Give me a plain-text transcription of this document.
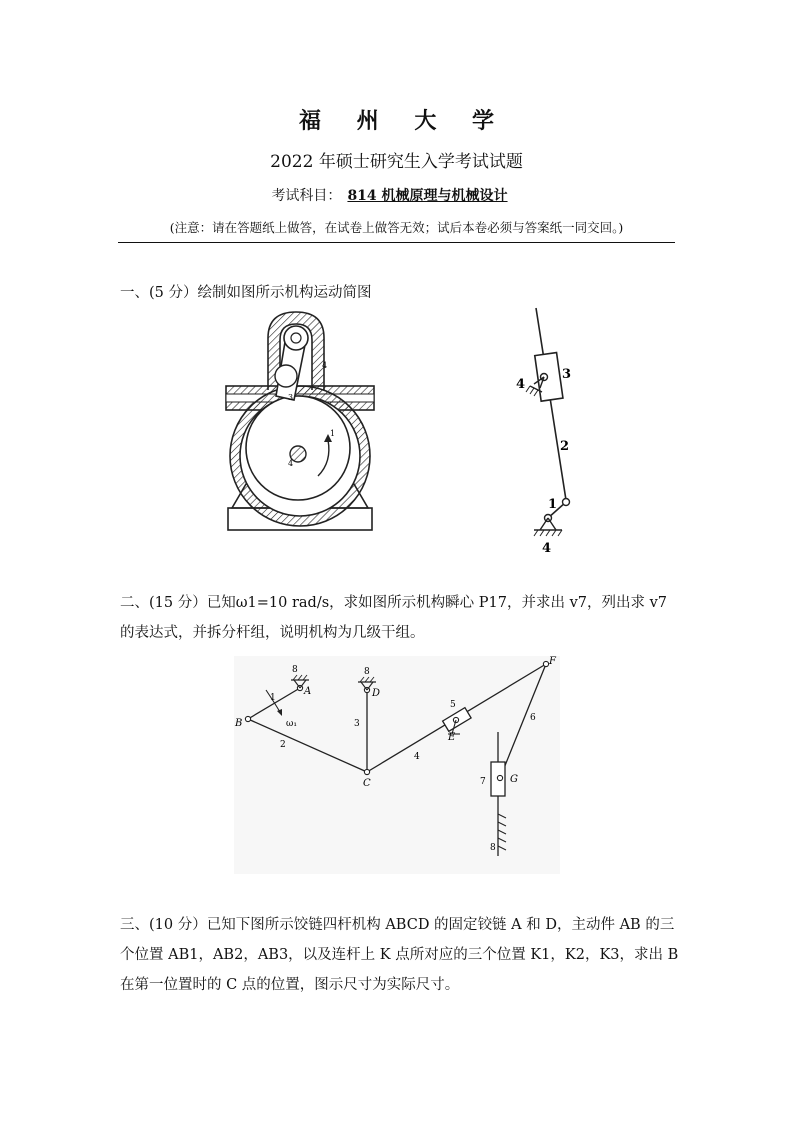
福 州 大 学
2022 年硕士研究生入学考试试题
考试科目： 814 机械原理与机械设计
(注意：请在答题纸上做答，在试卷上做答无效；试后本卷必须与答案纸一同交回。)
一、(5 分）绘制如图所示机构运动简图
4
3
1
4
3
4
2
1
4
二、(15 分）已知ω1=10 rad/s，求如图所示机构瞬心 P17，并求出 v7，列出求 v7 的表达式，并拆分杆组，说明机构为几级干组。
A
B
C
D
E
F
G
ω₁
1
2
3
4
5
6
7
8	8
8
三、(10 分）已知下图所示饺链四杆机构 ABCD 的固定铰链 A 和 D，主动件 AB 的三个位置 AB1，AB2，AB3，以及连杆上 K 点所对应的三个位置 K1，K2，K3，求出 B 在第一位置时的 C 点的位置，图示尺寸为实际尺寸。
